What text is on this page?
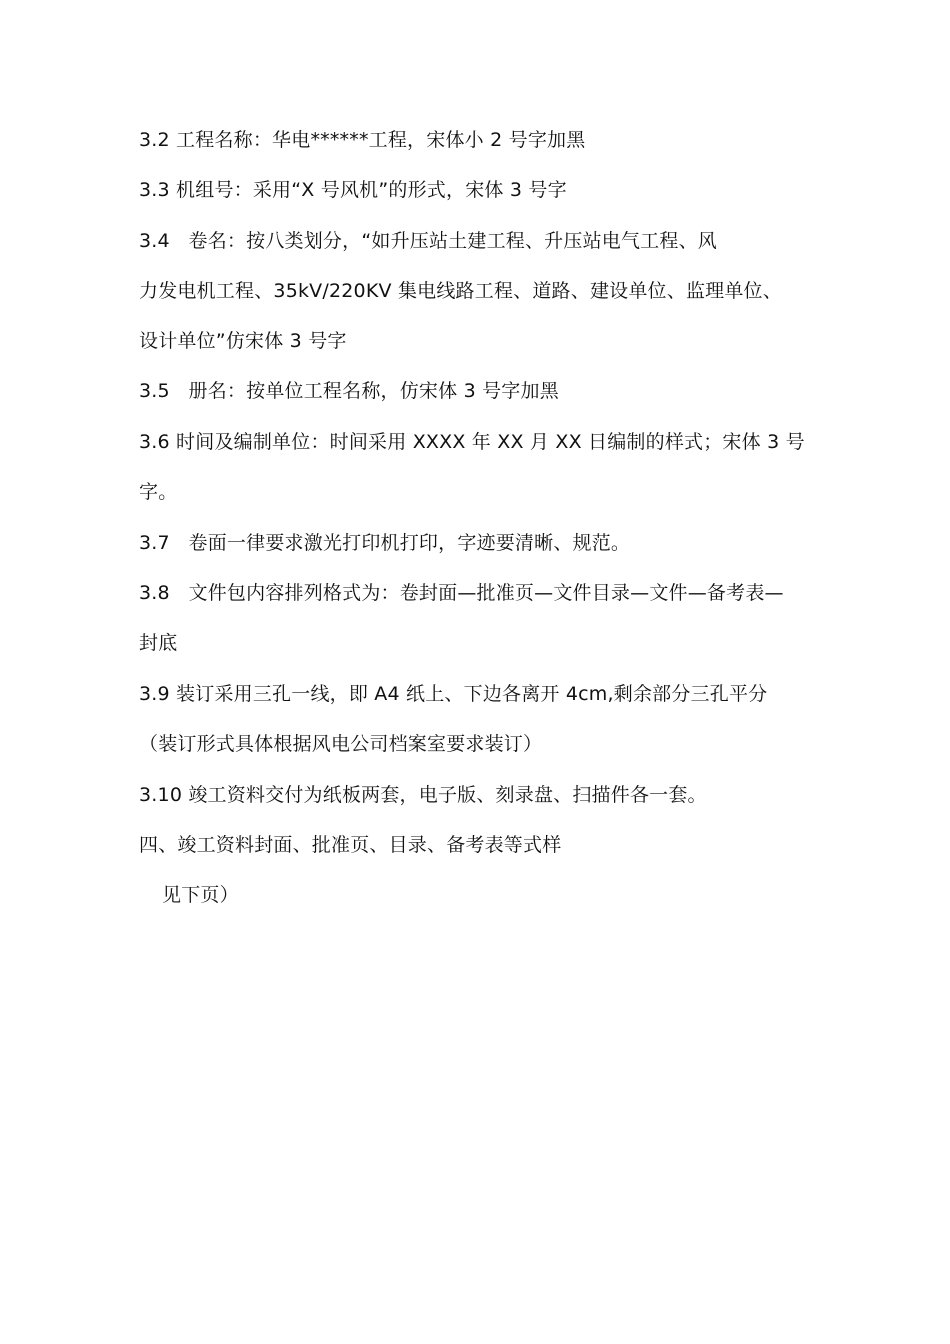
3.2 工程名称：华电******工程，宋体小 2 号字加黑
3.3 机组号：采用“X 号风机”的形式，宋体 3 号字
3.4   卷名：按八类划分，“如升压站土建工程、升压站电气工程、风
力发电机工程、35kV/220KV 集电线路工程、道路、建设单位、监理单位、
设计单位”仿宋体 3 号字
3.5   册名：按单位工程名称，仿宋体 3 号字加黑
3.6 时间及编制单位：时间采用 XXXX 年 XX 月 XX 日编制的样式；宋体 3 号
字。
3.7   卷面一律要求激光打印机打印，字迹要清晰、规范。
3.8   文件包内容排列格式为：卷封面—批准页—文件目录—文件—备考表—
封底
3.9 装订采用三孔一线，即 A4 纸上、下边各离开 4cm,剩余部分三孔平分
（装订形式具体根据风电公司档案室要求装订）
3.10 竣工资料交付为纸板两套，电子版、刻录盘、扫描件各一套。
四、竣工资料封面、批准页、目录、备考表等式样
见下页）
